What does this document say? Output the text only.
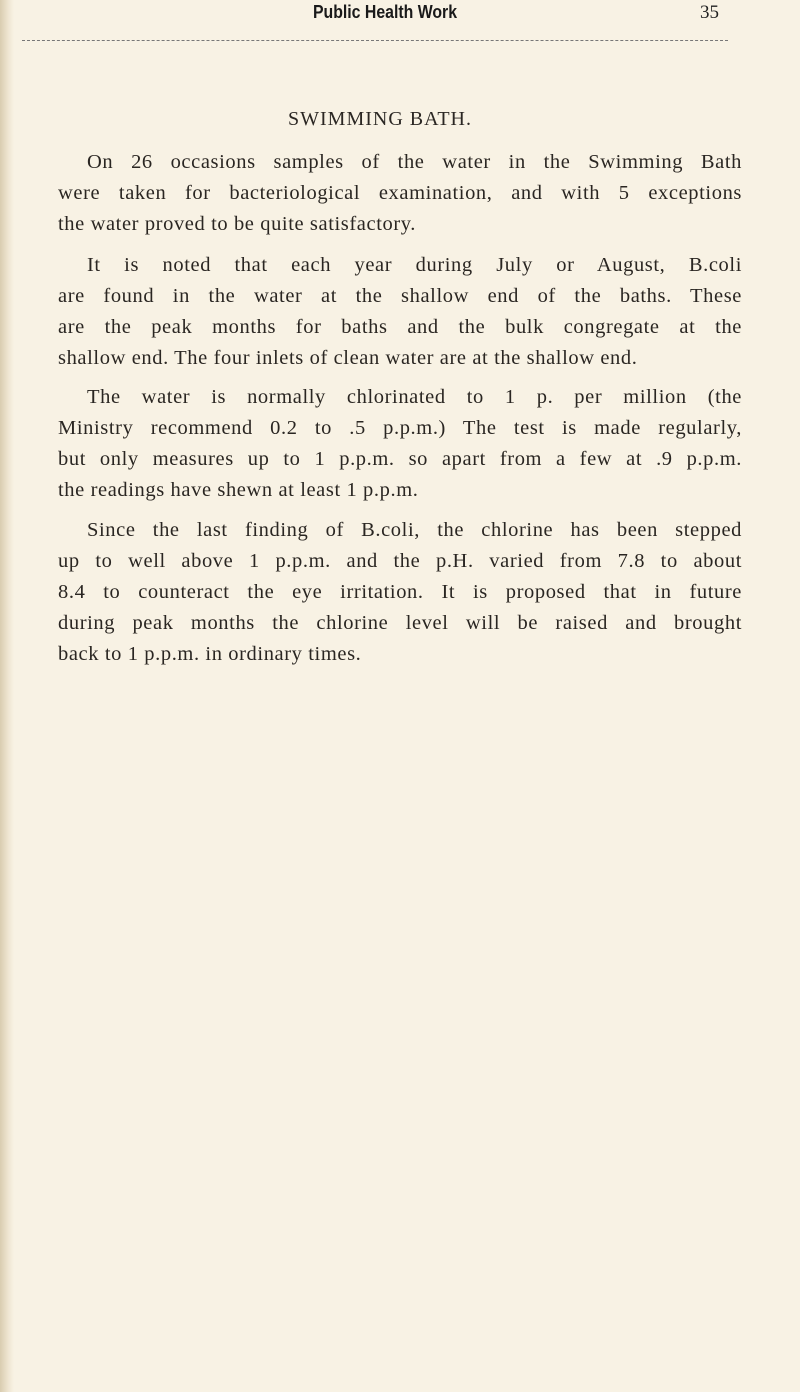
Public Health Work	35
SWIMMING BATH.
On 26 occasions samples of the water in the Swimming Bath
were taken for bacteriological examination, and with 5 exceptions
the water proved to be quite satisfactory.
It is noted that each year during July or August, B.coli
are found in the water at the shallow end of the baths. These
are the peak months for baths and the bulk congregate at the
shallow end. The four inlets of clean water are at the shallow end.
The water is normally chlorinated to 1 p. per million (the
Ministry recommend 0.2 to .5 p.p.m.) The test is made regularly,
but only measures up to 1 p.p.m. so apart from a few at .9 p.p.m.
the readings have shewn at least 1 p.p.m.
Since the last finding of B.coli, the chlorine has been stepped
up to well above 1 p.p.m. and the p.H. varied from 7.8 to about
8.4 to counteract the eye irritation. It is proposed that in future
during peak months the chlorine level will be raised and brought
back to 1 p.p.m. in ordinary times.
